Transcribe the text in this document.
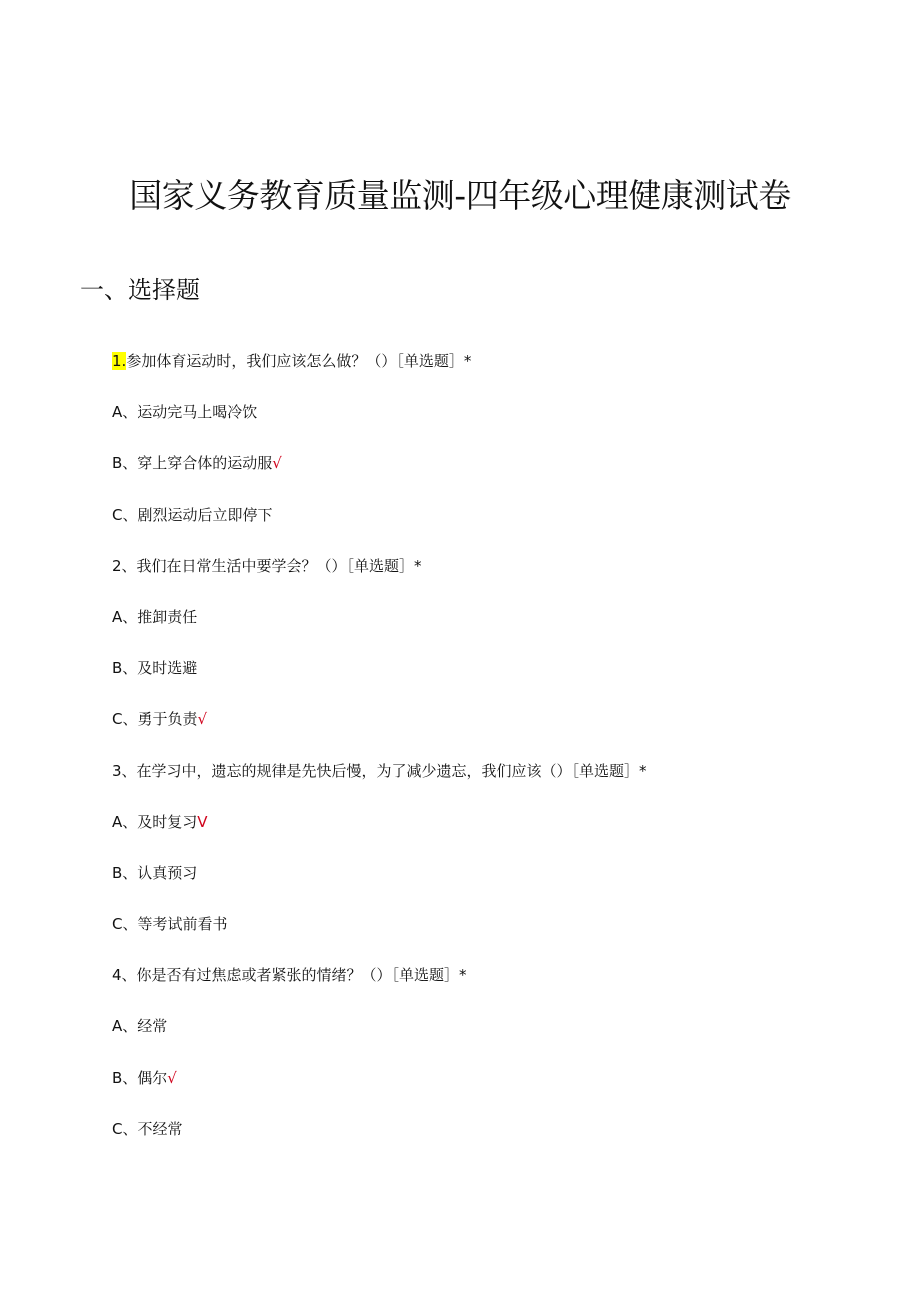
国家义务教育质量监测-四年级心理健康测试卷
一、选择题
1.参加体育运动时，我们应该怎么做？（）［单选题］*
A、运动完马上喝冷饮
B、穿上穿合体的运动服√
C、剧烈运动后立即停下
2、我们在日常生活中要学会？（）［单选题］*
A、推卸责任
B、及时选避
C、勇于负责√
3、在学习中，遗忘的规律是先快后慢，为了减少遗忘，我们应该（）［单选题］*
A、及时复习V
B、认真预习
C、等考试前看书
4、你是否有过焦虑或者紧张的情绪？（）［单选题］*
A、经常
B、偶尔√
C、不经常
